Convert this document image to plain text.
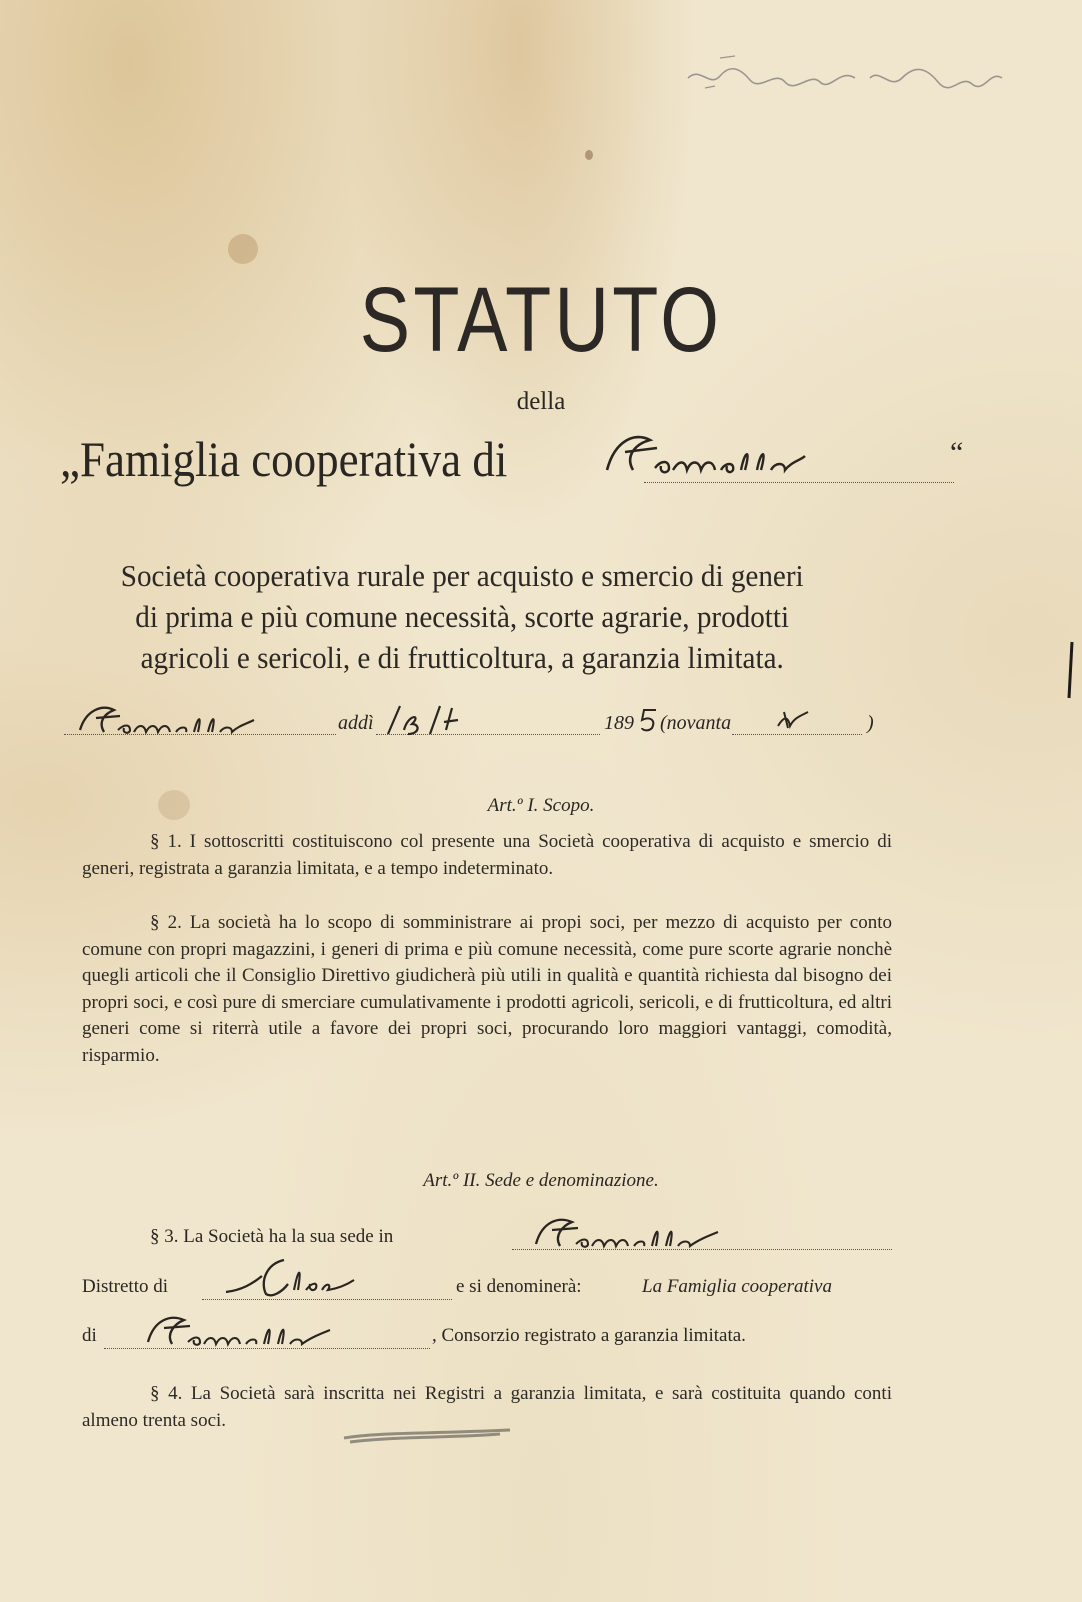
STATUTO
della
„Famiglia cooperativa di	“
Società cooperativa rurale per acquisto e smercio di generi
di prima e più comune necessità, scorte agrarie, prodotti
agricoli e sericoli, e di frutticoltura, a garanzia limitata.
addì	189 (novanta	)
Art.º I. Scopo.
§ 1. I sottoscritti costituiscono col presente una Società cooperativa di acquisto e smercio di generi, registrata a garanzia limitata, e a tempo indeterminato.
§ 2. La società ha lo scopo di somministrare ai propi soci, per mezzo di acquisto per conto comune con propri magazzini, i generi di prima e più comune necessità, come pure scorte agrarie nonchè quegli articoli che il Consiglio Direttivo giudicherà più utili in qualità e quantità richiesta dal bisogno dei propri soci, e così pure di smerciare cumulativamente i prodotti agricoli, sericoli, e di frutticoltura, ed altri generi come si riterrà utile a favore dei propri soci, procurando loro maggiori vantaggi, comodità, risparmio.
Art.º II. Sede e denominazione.
§ 3. La Società ha la sua sede in
Distretto di	e si denominerà:	La Famiglia cooperativa
di	, Consorzio registrato a garanzia limitata.
§ 4. La Società sarà inscritta nei Registri a garanzia limitata, e sarà costituita quando conti almeno trenta soci.
